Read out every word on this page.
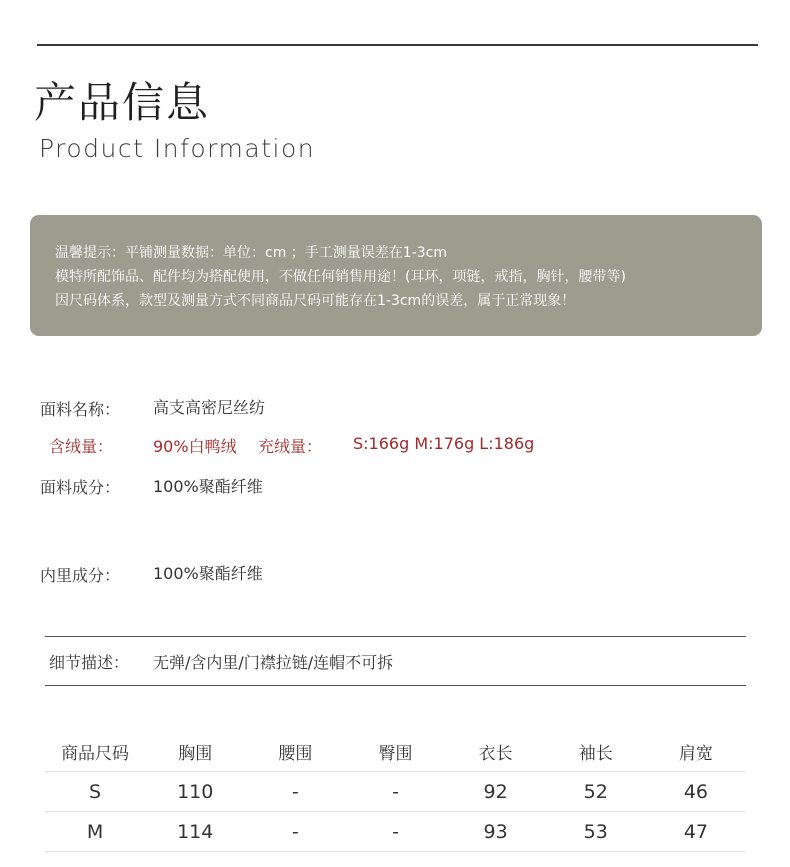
产品信息
Product Information
温馨提示：平铺测量数据：单位：cm ；手工测量误差在1-3cm
模特所配饰品、配件均为搭配使用，不做任何销售用途！(耳环，项链，戒指，胸针，腰带等)
因尺码体系，款型及测量方式不同商品尺码可能存在1-3cm的误差，属于正常现象！
面料名称： 高支高密尼丝纺
含绒量： 90%白鸭绒 充绒量： S:166g M:176g L:186g
面料成分： 100%聚酯纤维
内里成分： 100%聚酯纤维
细节描述： 无弹/含内里/门襟拉链/连帽不可拆
商品尺码	胸围	腰围	臀围	衣长	袖长	肩宽
S	110	-	-	92	52	46
M	114	-	-	93	53	47
